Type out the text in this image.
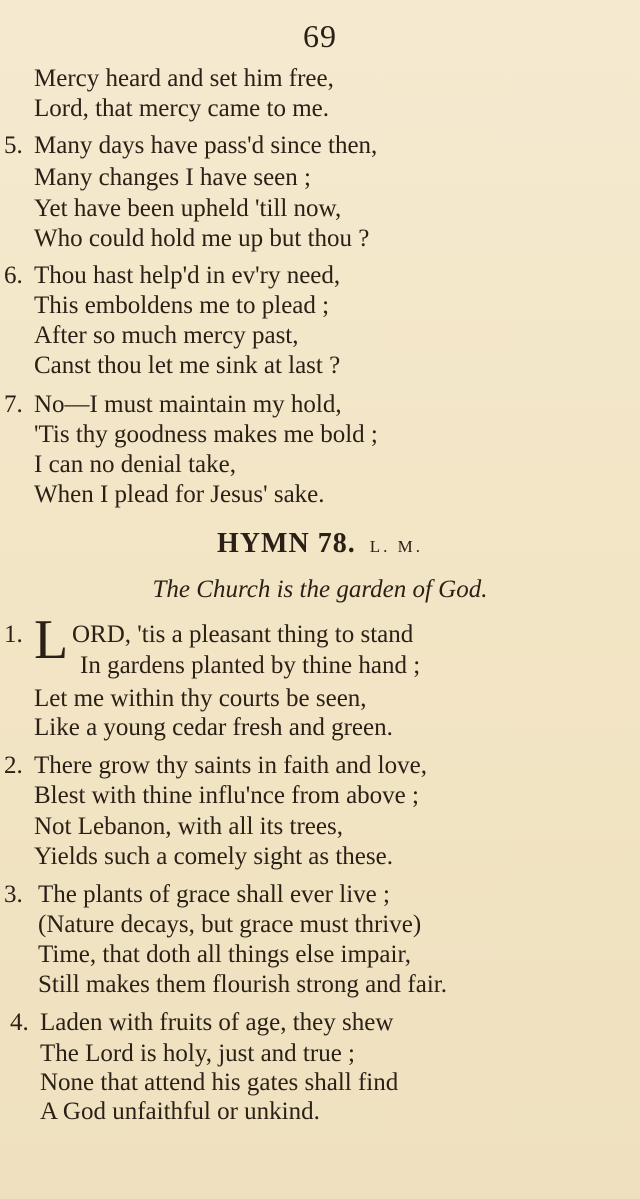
69
Mercy heard and set him free,
Lord, that mercy came to me.
5. Many days have pass'd since then,
Many changes I have seen ;
Yet have been upheld 'till now,
Who could hold me up but thou ?
6. Thou hast help'd in ev'ry need,
This emboldens me to plead ;
After so much mercy past,
Canst thou let me sink at last ?
7. No—I must maintain my hold,
'Tis thy goodness makes me bold ;
I can no denial take,
When I plead for Jesus' sake.
HYMN 78. L. M.
The Church is the garden of God.
1. L ORD, 'tis a pleasant thing to stand
In gardens planted by thine hand ;
Let me within thy courts be seen,
Like a young cedar fresh and green.
2. There grow thy saints in faith and love,
Blest with thine influ'nce from above ;
Not Lebanon, with all its trees,
Yields such a comely sight as these.
3. The plants of grace shall ever live ;
(Nature decays, but grace must thrive)
Time, that doth all things else impair,
Still makes them flourish strong and fair.
4. Laden with fruits of age, they shew
The Lord is holy, just and true ;
None that attend his gates shall find
A God unfaithful or unkind.
